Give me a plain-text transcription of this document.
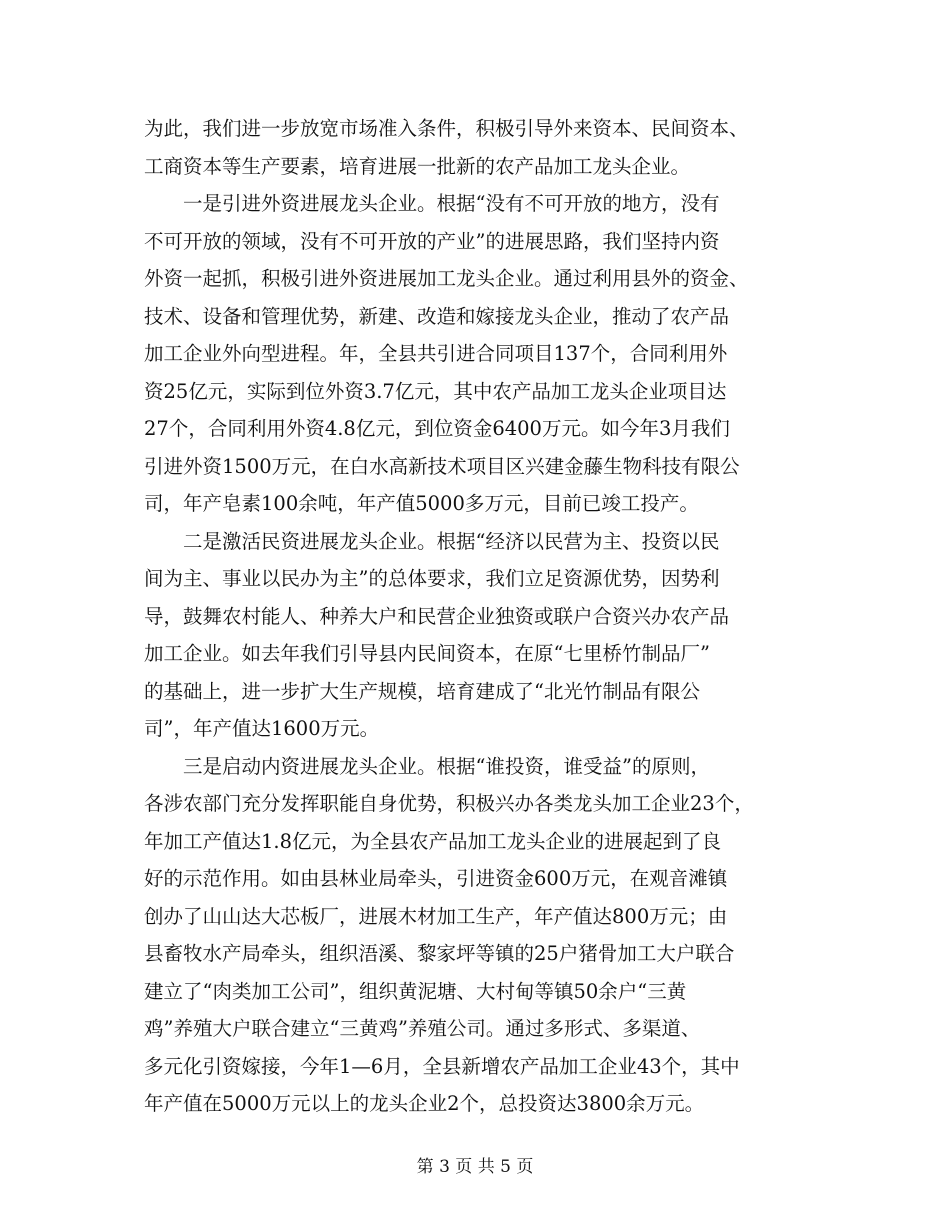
为此，我们进一步放宽市场准入条件，积极引导外来资本、民间资本、
工商资本等生产要素，培育进展一批新的农产品加工龙头企业。
一是引进外资进展龙头企业。根据“没有不可开放的地方，没有
不可开放的领域，没有不可开放的产业”的进展思路，我们坚持内资
外资一起抓，积极引进外资进展加工龙头企业。通过利用县外的资金、
技术、设备和管理优势，新建、改造和嫁接龙头企业，推动了农产品
加工企业外向型进程。年，全县共引进合同项目137个，合同利用外
资25亿元，实际到位外资3.7亿元，其中农产品加工龙头企业项目达
27个，合同利用外资4.8亿元，到位资金6400万元。如今年3月我们
引进外资1500万元，在白水高新技术项目区兴建金藤生物科技有限公
司，年产皂素100余吨，年产值5000多万元，目前已竣工投产。
二是激活民资进展龙头企业。根据“经济以民营为主、投资以民
间为主、事业以民办为主”的总体要求，我们立足资源优势，因势利
导，鼓舞农村能人、种养大户和民营企业独资或联户合资兴办农产品
加工企业。如去年我们引导县内民间资本，在原“七里桥竹制品厂”
的基础上，进一步扩大生产规模，培育建成了“北光竹制品有限公
司”，年产值达1600万元。
三是启动内资进展龙头企业。根据“谁投资，谁受益”的原则，
各涉农部门充分发挥职能自身优势，积极兴办各类龙头加工企业23个，
年加工产值达1.8亿元，为全县农产品加工龙头企业的进展起到了良
好的示范作用。如由县林业局牵头，引进资金600万元，在观音滩镇
创办了山山达大芯板厂，进展木材加工生产，年产值达800万元；由
县畜牧水产局牵头，组织浯溪、黎家坪等镇的25户猪骨加工大户联合
建立了“肉类加工公司”，组织黄泥塘、大村甸等镇50余户“三黄
鸡”养殖大户联合建立“三黄鸡”养殖公司。通过多形式、多渠道、
多元化引资嫁接，今年1—6月，全县新增农产品加工企业43个，其中
年产值在5000万元以上的龙头企业2个，总投资达3800余万元。
第 3 页 共 5 页
